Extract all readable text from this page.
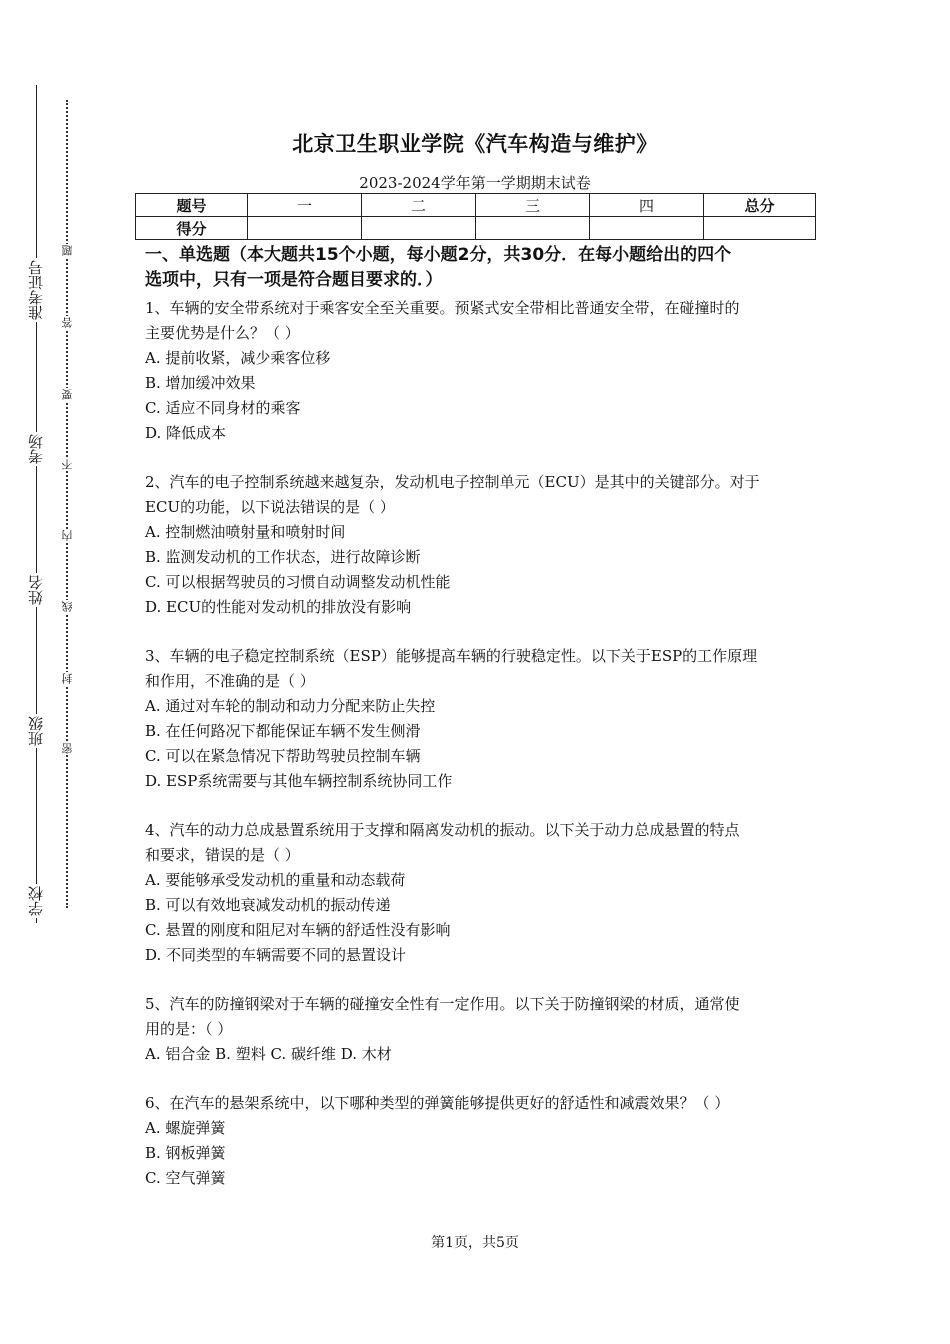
学校
班级
姓名
考场
准考证号
密
封
线
内
不
要
答
题
北京卫生职业学院《汽车构造与维护》
2023-2024学年第一学期期末试卷
题号	一	二	三	四	总分
得分					
一、单选题（本大题共15个小题，每小题2分，共30分．在每小题给出的四个
选项中，只有一项是符合题目要求的．）

1、车辆的安全带系统对于乘客安全至关重要。预紧式安全带相比普通安全带，在碰撞时的

主要优势是什么？（ ）

A. 提前收紧，减少乘客位移

B. 增加缓冲效果

C. 适应不同身材的乘客

D. 降低成本

2、汽车的电子控制系统越来越复杂，发动机电子控制单元（ECU）是其中的关键部分。对于

ECU的功能，以下说法错误的是（ ）

A. 控制燃油喷射量和喷射时间

B. 监测发动机的工作状态，进行故障诊断

C. 可以根据驾驶员的习惯自动调整发动机性能

D. ECU的性能对发动机的排放没有影响

3、车辆的电子稳定控制系统（ESP）能够提高车辆的行驶稳定性。以下关于ESP的工作原理

和作用，不准确的是（ ）

A. 通过对车轮的制动和动力分配来防止失控

B. 在任何路况下都能保证车辆不发生侧滑

C. 可以在紧急情况下帮助驾驶员控制车辆

D. ESP系统需要与其他车辆控制系统协同工作

4、汽车的动力总成悬置系统用于支撑和隔离发动机的振动。以下关于动力总成悬置的特点

和要求，错误的是（ ）

A. 要能够承受发动机的重量和动态载荷

B. 可以有效地衰减发动机的振动传递

C. 悬置的刚度和阻尼对车辆的舒适性没有影响

D. 不同类型的车辆需要不同的悬置设计

5、汽车的防撞钢梁对于车辆的碰撞安全性有一定作用。以下关于防撞钢梁的材质，通常使

用的是：（ ）

A. 铝合金 B. 塑料 C. 碳纤维 D. 木材

6、在汽车的悬架系统中，以下哪种类型的弹簧能够提供更好的舒适性和减震效果？（ ）

A. 螺旋弹簧

B. 钢板弹簧

C. 空气弹簧

第1页，共5页
